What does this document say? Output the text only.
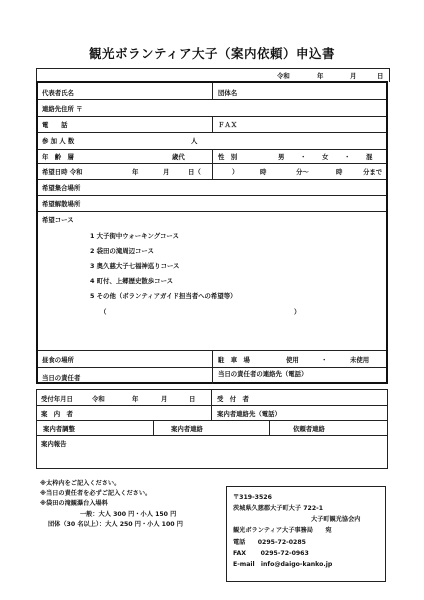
観光ボランティア大子（案内依頼）申込書
令和	年	月	日
代表者氏名	団体名
連絡先住所 〒
電　　話	ＦＡＸ
参 加 人 数	人
年　齢　層	歳代	性　別	男 ・ 女 ・ 混
希望日時 令和	年	月	日（	）	時	分～	時	分まで
希望集合場所
希望解散場所
希望コース
1 大子街中ウォーキングコース
2 袋田の滝周辺コース
3 奥久慈大子七福神巡りコース
4 町付、上郷歴史散歩コース
5 その他（ボランティアガイド担当者への希望等）
（	）
昼食の場所	駐　車　場	使用	・	未使用
当日の責任者	当日の責任者の連絡先（電話）
受付年月日	令和	年	月	日	受　付　者
案　内　者	案内者連絡先（電話）
案内者調整	案内者連絡	依頼者連絡
案内報告
※太枠内をご記入ください。
※当日の責任者を必ずご記入ください。
※袋田の滝観瀑台入場料
一般：大人 300 円・小人 150 円
団体（30 名以上）：大人 250 円・小人 100 円
〒319-3526
茨城県久慈郡大子町大子 722-1
大子町観光協会内
観光ボランティア大子事務局　　宛
電話　　0295-72-0285
FAX　　 0295-72-0963
E-mail　info@daigo-kanko.jp
